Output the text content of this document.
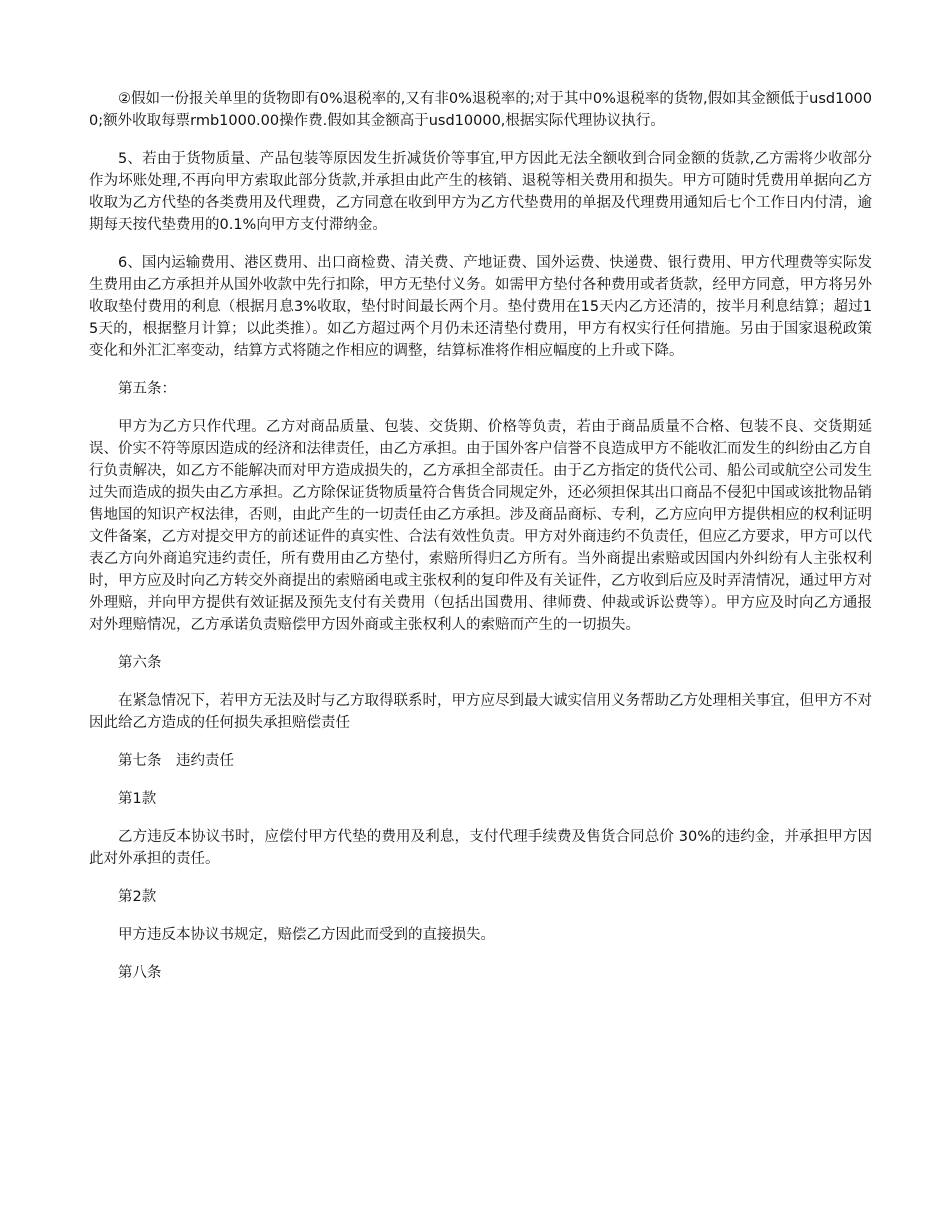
②假如一份报关单里的货物即有0%退税率的,又有非0%退税率的;对于其中0%退税率的货物,假如其金额低于usd10000;额外收取每票rmb1000.00操作费.假如其金额高于usd10000,根据实际代理协议执行。

5、若由于货物质量、产品包装等原因发生折减货价等事宜,甲方因此无法全额收到合同金额的货款,乙方需将少收部分作为坏账处理,不再向甲方索取此部分货款,并承担由此产生的核销、退税等相关费用和损失。甲方可随时凭费用单据向乙方收取为乙方代垫的各类费用及代理费，乙方同意在收到甲方为乙方代垫费用的单据及代理费用通知后七个工作日内付清，逾期每天按代垫费用的0.1%向甲方支付滞纳金。

6、国内运输费用、港区费用、出口商检费、清关费、产地证费、国外运费、快递费、银行费用、甲方代理费等实际发生费用由乙方承担并从国外收款中先行扣除，甲方无垫付义务。如需甲方垫付各种费用或者货款，经甲方同意，甲方将另外收取垫付费用的利息（根据月息3%收取，垫付时间最长两个月。垫付费用在15天内乙方还清的，按半月利息结算；超过15天的，根据整月计算；以此类推）。如乙方超过两个月仍未还清垫付费用，甲方有权实行任何措施。另由于国家退税政策变化和外汇汇率变动，结算方式将随之作相应的调整，结算标准将作相应幅度的上升或下降。

第五条：

甲方为乙方只作代理。乙方对商品质量、包装、交货期、价格等负责，若由于商品质量不合格、包装不良、交货期延误、价实不符等原因造成的经济和法律责任，由乙方承担。由于国外客户信誉不良造成甲方不能收汇而发生的纠纷由乙方自行负责解决，如乙方不能解决而对甲方造成损失的，乙方承担全部责任。由于乙方指定的货代公司、船公司或航空公司发生过失而造成的损失由乙方承担。乙方除保证货物质量符合售货合同规定外，还必须担保其出口商品不侵犯中国或该批物品销售地国的知识产权法律，否则，由此产生的一切责任由乙方承担。涉及商品商标、专利，乙方应向甲方提供相应的权利证明文件备案，乙方对提交甲方的前述证件的真实性、合法有效性负责。甲方对外商违约不负责任，但应乙方要求，甲方可以代表乙方向外商追究违约责任，所有费用由乙方垫付，索赔所得归乙方所有。当外商提出索赔或因国内外纠纷有人主张权利时，甲方应及时向乙方转交外商提出的索赔函电或主张权利的复印件及有关证件，乙方收到后应及时弄清情况，通过甲方对外理赔，并向甲方提供有效证据及预先支付有关费用（包括出国费用、律师费、仲裁或诉讼费等）。甲方应及时向乙方通报对外理赔情况，乙方承诺负责赔偿甲方因外商或主张权利人的索赔而产生的一切损失。

第六条

在紧急情况下，若甲方无法及时与乙方取得联系时，甲方应尽到最大诚实信用义务帮助乙方处理相关事宜，但甲方不对因此给乙方造成的任何损失承担赔偿责任

第七条　违约责任

第1款

乙方违反本协议书时，应偿付甲方代垫的费用及利息，支付代理手续费及售货合同总价 30%的违约金，并承担甲方因此对外承担的责任。

第2款

甲方违反本协议书规定，赔偿乙方因此而受到的直接损失。

第八条
